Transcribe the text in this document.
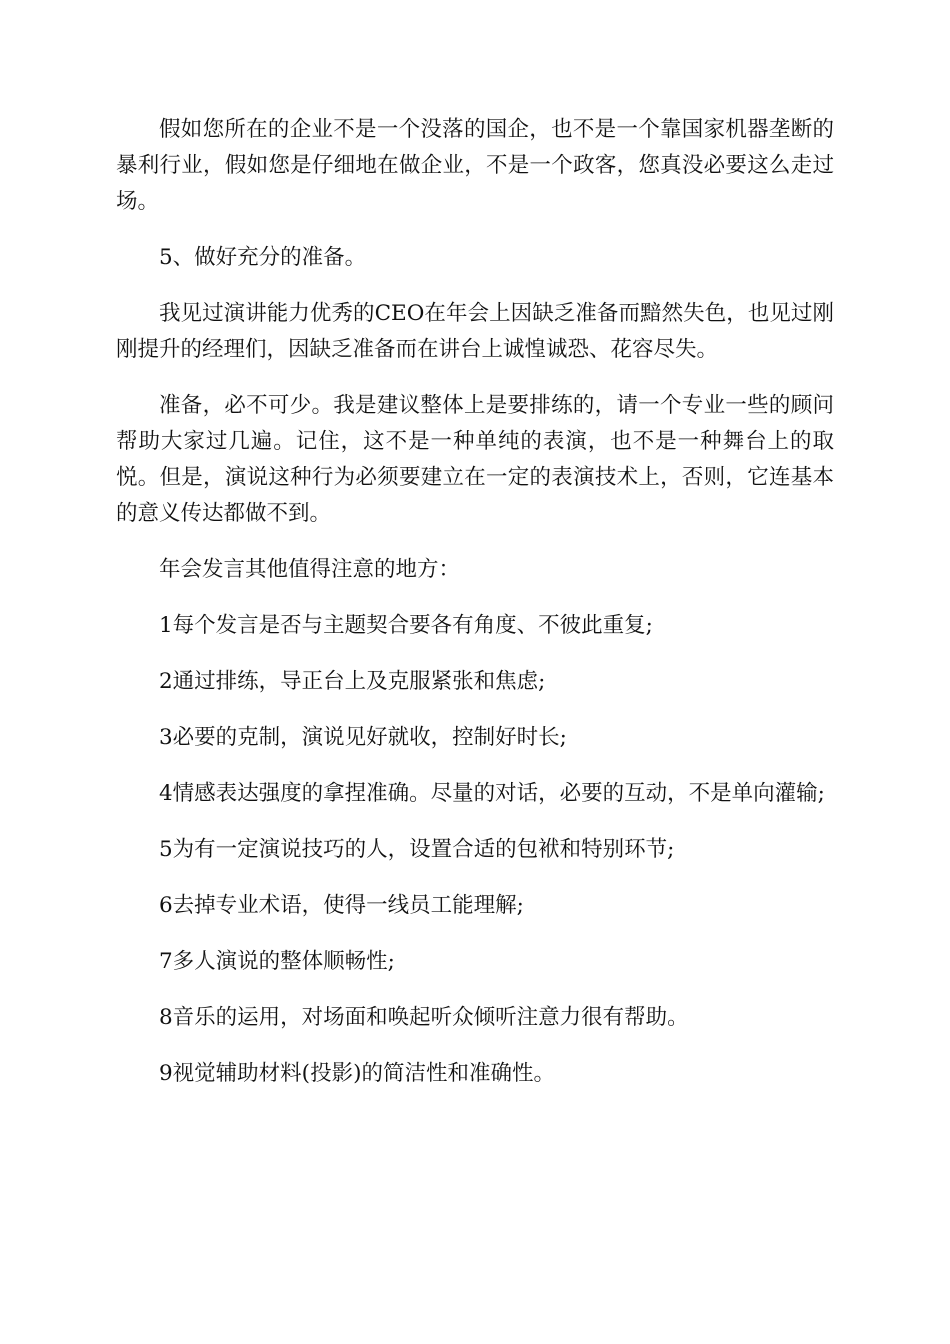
假如您所在的企业不是一个没落的国企，也不是一个靠国家机器垄断的暴利行业，假如您是仔细地在做企业，不是一个政客，您真没必要这么走过场。

5、做好充分的准备。

我见过演讲能力优秀的CEO在年会上因缺乏准备而黯然失色，也见过刚刚提升的经理们，因缺乏准备而在讲台上诚惶诚恐、花容尽失。

准备，必不可少。我是建议整体上是要排练的，请一个专业一些的顾问帮助大家过几遍。记住，这不是一种单纯的表演，也不是一种舞台上的取悦。但是，演说这种行为必须要建立在一定的表演技术上，否则，它连基本的意义传达都做不到。

年会发言其他值得注意的地方：

1每个发言是否与主题契合要各有角度、不彼此重复;

2通过排练，导正台上及克服紧张和焦虑;

3必要的克制，演说见好就收，控制好时长;

4情感表达强度的拿捏准确。尽量的对话，必要的互动，不是单向灌输;

5为有一定演说技巧的人，设置合适的包袱和特别环节;

6去掉专业术语，使得一线员工能理解;

7多人演说的整体顺畅性;

8音乐的运用，对场面和唤起听众倾听注意力很有帮助。

9视觉辅助材料(投影)的简洁性和准确性。
